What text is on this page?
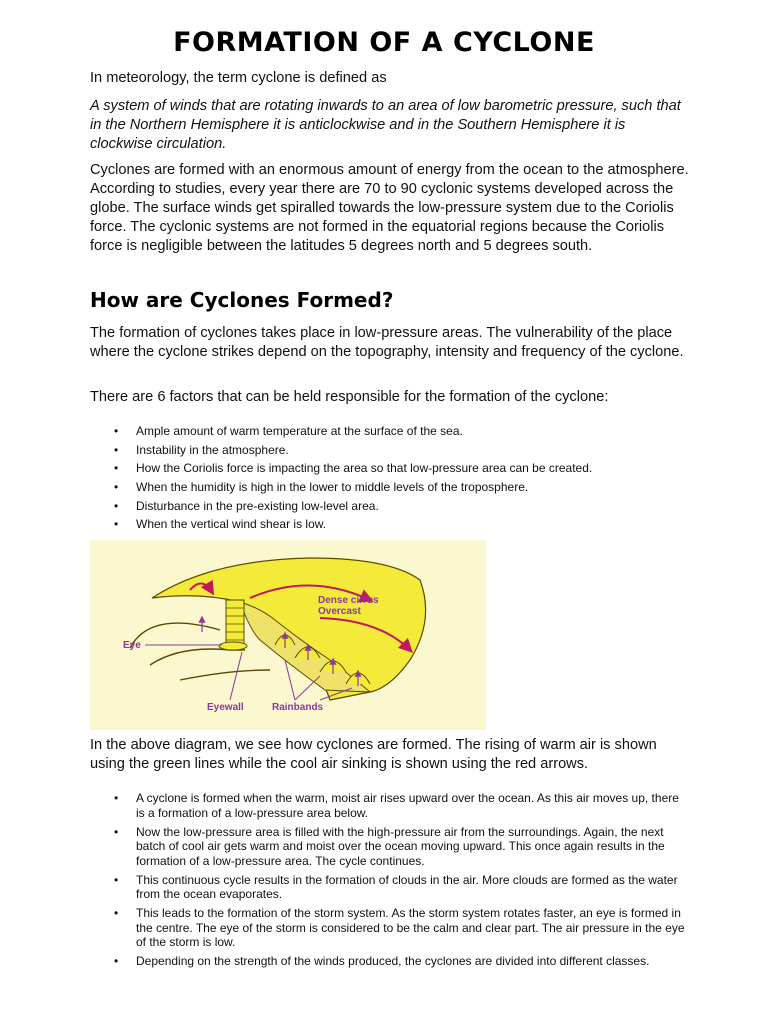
FORMATION OF A CYCLONE

In meteorology, the term cyclone is defined as

A system of winds that are rotating inwards to an area of low barometric pressure, such that in the Northern Hemisphere it is anticlockwise and in the Southern Hemisphere it is clockwise circulation.

Cyclones are formed with an enormous amount of energy from the ocean to the atmosphere. According to studies, every year there are 70 to 90 cyclonic systems developed across the globe. The surface winds get spiralled towards the low-pressure system due to the Coriolis force. The cyclonic systems are not formed in the equatorial regions because the Coriolis force is negligible between the latitudes 5 degrees north and 5 degrees south.

How are Cyclones Formed?

The formation of cyclones takes place in low-pressure areas. The vulnerability of the place where the cyclone strikes depend on the topography, intensity and frequency of the cyclone.

There are 6 factors that can be held responsible for the formation of the cyclone:

• Ample amount of warm temperature at the surface of the sea.
• Instability in the atmosphere.
• How the Coriolis force is impacting the area so that low-pressure area can be created.
• When the humidity is high in the lower to middle levels of the troposphere.
• Disturbance in the pre-existing low-level area.
• When the vertical wind shear is low.
Dense cirrus
Overcast
Eye
Eyewall	Rainbands

In the above diagram, we see how cyclones are formed. The rising of warm air is shown using the green lines while the cool air sinking is shown using the red arrows.

• A cyclone is formed when the warm, moist air rises upward over the ocean. As this air moves up, there is a formation of a low-pressure area below.
• Now the low-pressure area is filled with the high-pressure air from the surroundings. Again, the next batch of cool air gets warm and moist over the ocean moving upward. This once again results in the formation of a low-pressure area. The cycle continues.
• This continuous cycle results in the formation of clouds in the air. More clouds are formed as the water from the ocean evaporates.
• This leads to the formation of the storm system. As the storm system rotates faster, an eye is formed in the centre. The eye of the storm is considered to be the calm and clear part. The air pressure in the eye of the storm is low.
• Depending on the strength of the winds produced, the cyclones are divided into different classes.
